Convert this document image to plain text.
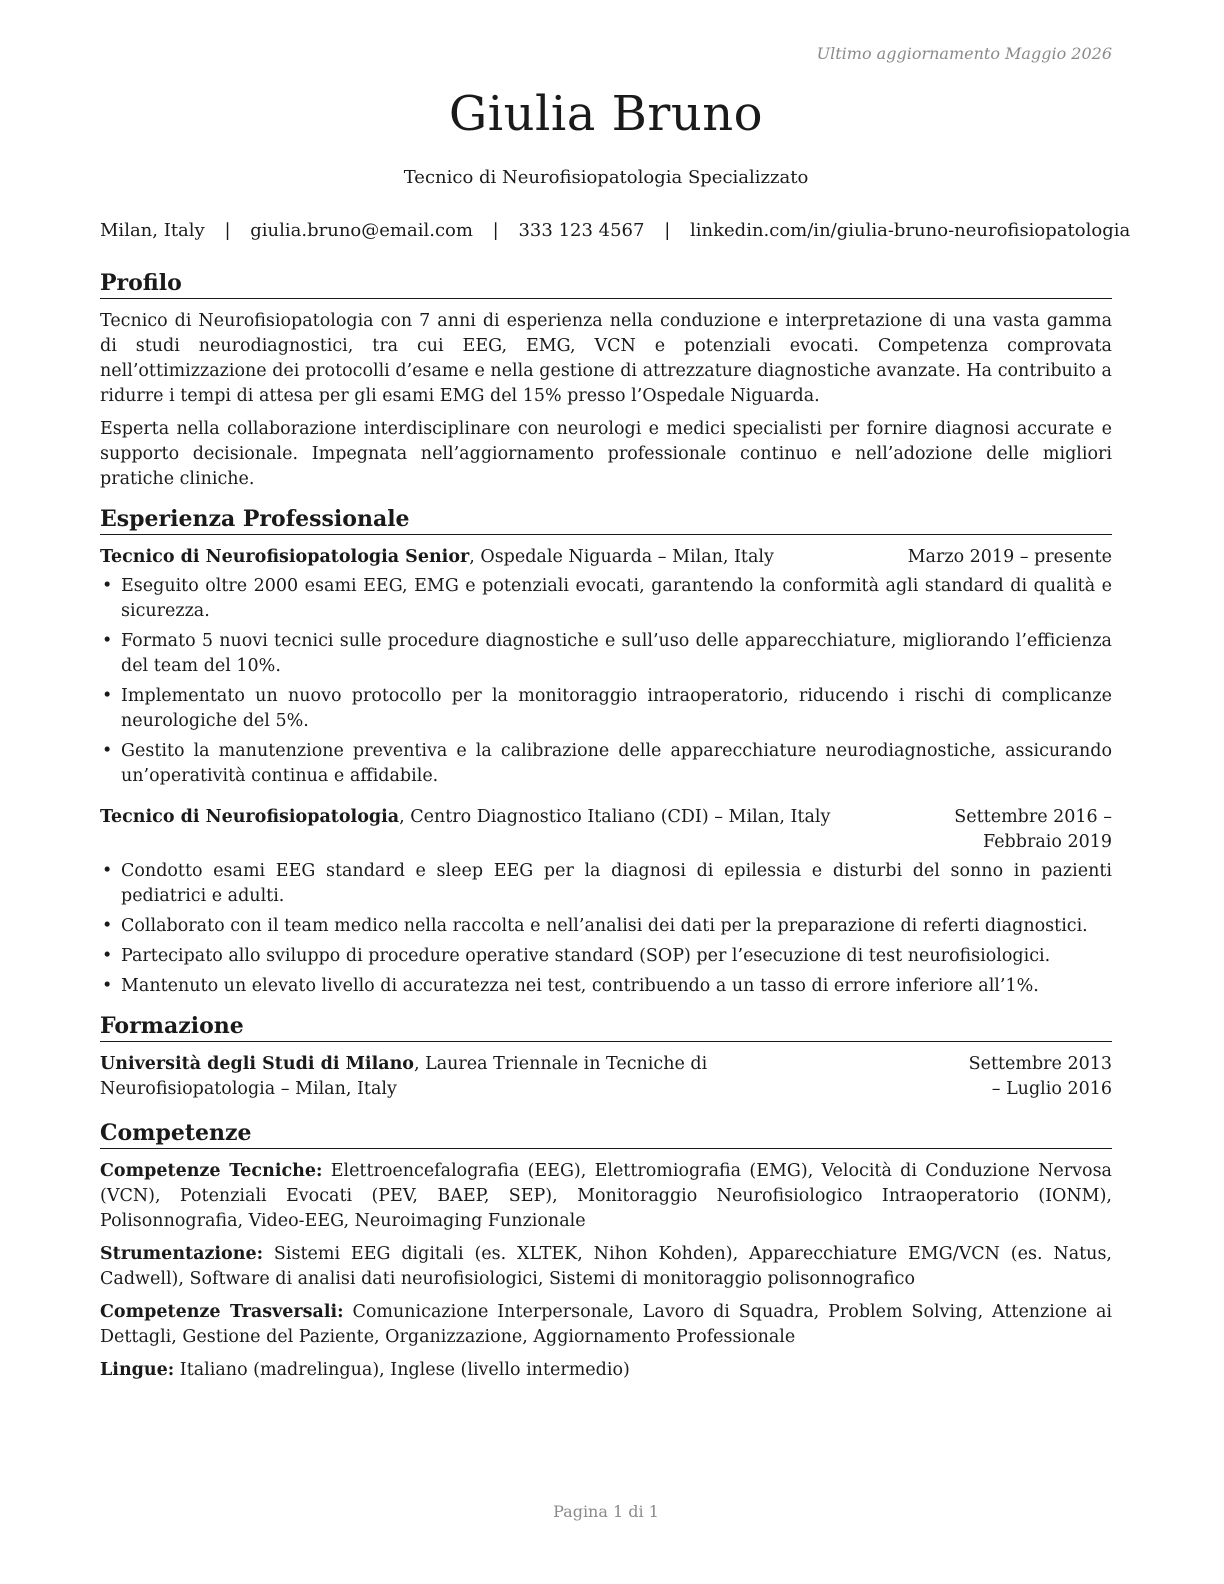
Ultimo aggiornamento Maggio 2026
Giulia Bruno
Tecnico di Neurofisiopatologia Specializzato
Milan, Italy | giulia.bruno@email.com | 333 123 4567 | linkedin.com/in/giulia-bruno-neurofisiopatologia
Profilo

Tecnico di Neurofisiopatologia con 7 anni di esperienza nella conduzione e interpretazione di una vasta gamma di studi neurodiagnostici, tra cui EEG, EMG, VCN e potenziali evocati. Competenza comprovata nell’ottimizzazione dei protocolli d’esame e nella gestione di attrezzature diagnostiche avanzate. Ha contribuito a ridurre i tempi di attesa per gli esami EMG del 15% presso l’Ospedale Niguarda.

Esperta nella collaborazione interdisciplinare con neurologi e medici specialisti per fornire diagnosi accurate e supporto decisionale. Impegnata nell’aggiornamento professionale continuo e nell’adozione delle migliori pratiche cliniche.

Esperienza Professionale
Tecnico di Neurofisiopatologia Senior, Ospedale Niguarda – Milan, Italy	Marzo 2019 – presente
• Eseguito oltre 2000 esami EEG, EMG e potenziali evocati, garantendo la conformità agli standard di qualità e sicurezza.
• Formato 5 nuovi tecnici sulle procedure diagnostiche e sull’uso delle apparecchiature, migliorando l’efficienza del team del 10%.
• Implementato un nuovo protocollo per la monitoraggio intraoperatorio, riducendo i rischi di complicanze neurologiche del 5%.
• Gestito la manutenzione preventiva e la calibrazione delle apparecchiature neurodiagnostiche, assicurando un’operatività continua e affidabile.
Tecnico di Neurofisiopatologia, Centro Diagnostico Italiano (CDI) – Milan, Italy	Settembre 2016 – Febbraio 2019
• Condotto esami EEG standard e sleep EEG per la diagnosi di epilessia e disturbi del sonno in pazienti pediatrici e adulti.
• Collaborato con il team medico nella raccolta e nell’analisi dei dati per la preparazione di referti diagnostici.
• Partecipato allo sviluppo di procedure operative standard (SOP) per l’esecuzione di test neurofisiologici.
• Mantenuto un elevato livello di accuratezza nei test, contribuendo a un tasso di errore inferiore all’1%.
Formazione
Università degli Studi di Milano, Laurea Triennale in Tecniche di Neurofisiopatologia – Milan, Italy
Settembre 2013 – Luglio 2016
Competenze

Competenze Tecniche: Elettroencefalografia (EEG), Elettromiografia (EMG), Velocità di Conduzione Nervosa (VCN), Potenziali Evocati (PEV, BAEP, SEP), Monitoraggio Neurofisiologico Intraoperatorio (IONM), Polisonnografia, Video-EEG, Neuroimaging Funzionale

Strumentazione: Sistemi EEG digitali (es. XLTEK, Nihon Kohden), Apparecchiature EMG/VCN (es. Natus, Cadwell), Software di analisi dati neurofisiologici, Sistemi di monitoraggio polisonnografico

Competenze Trasversali: Comunicazione Interpersonale, Lavoro di Squadra, Problem Solving, Attenzione ai Dettagli, Gestione del Paziente, Organizzazione, Aggiornamento Professionale

Lingue: Italiano (madrelingua), Inglese (livello intermedio)

Pagina 1 di 1
